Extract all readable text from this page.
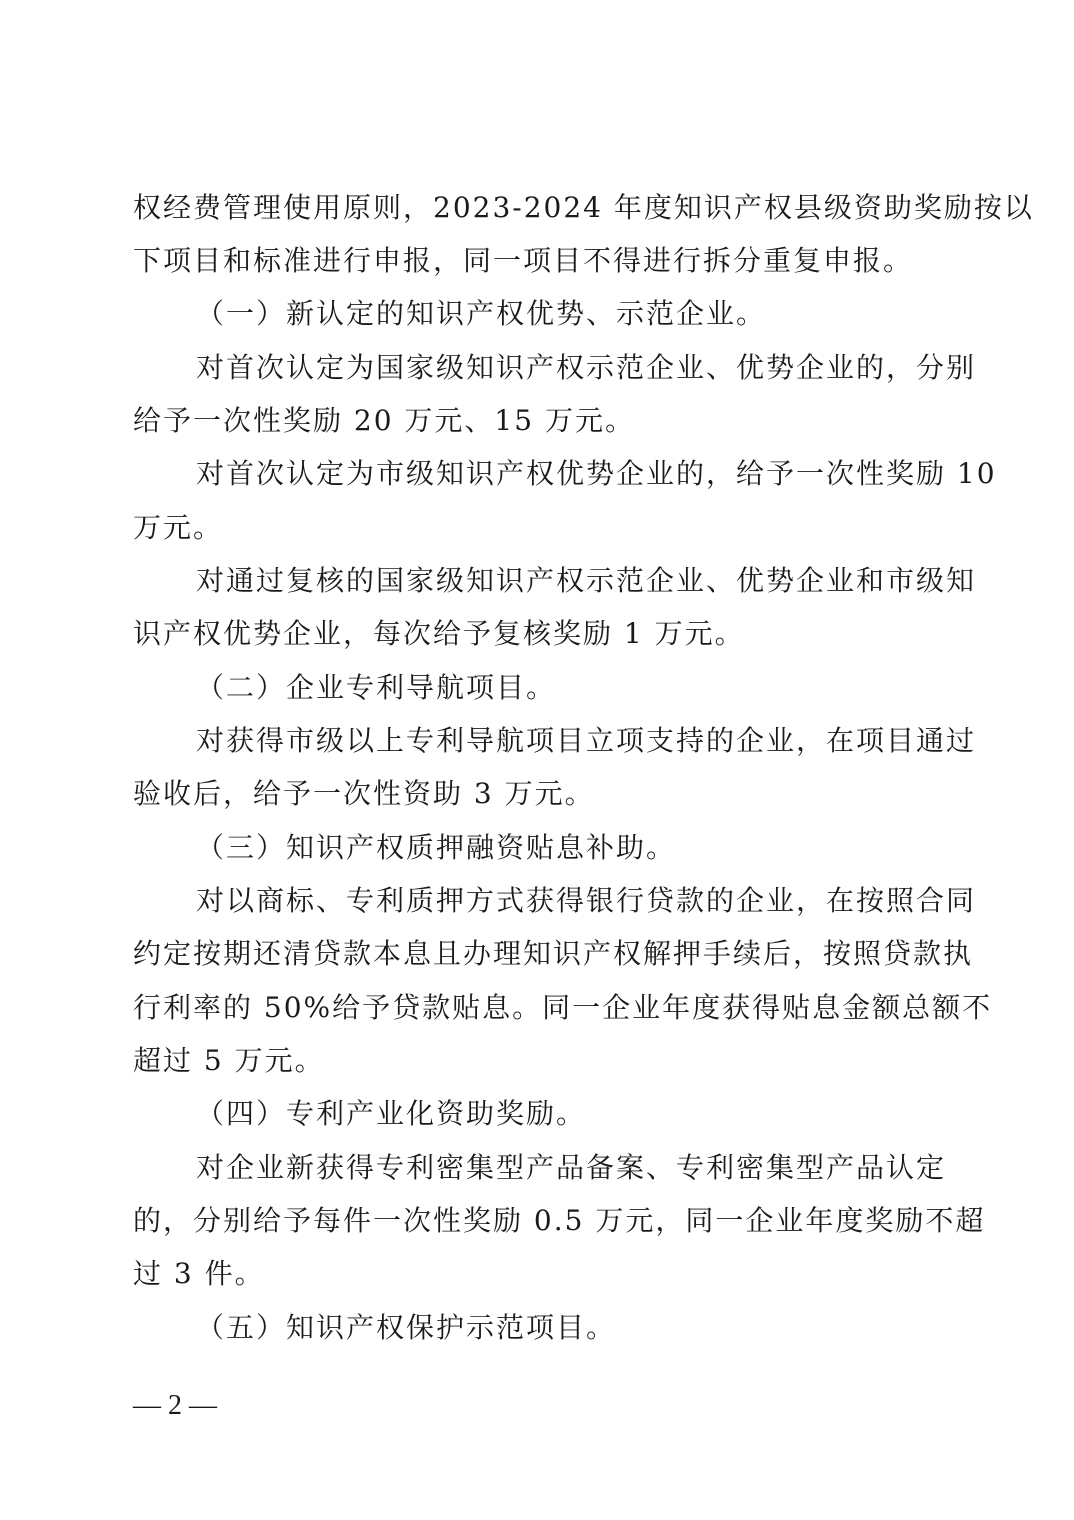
权经费管理使用原则，2023-2024 年度知识产权县级资助奖励按以
下项目和标准进行申报，同一项目不得进行拆分重复申报。
（一）新认定的知识产权优势、示范企业。
对首次认定为国家级知识产权示范企业、优势企业的，分别
给予一次性奖励 20 万元、15 万元。
对首次认定为市级知识产权优势企业的，给予一次性奖励 10
万元。
对通过复核的国家级知识产权示范企业、优势企业和市级知
识产权优势企业，每次给予复核奖励 1 万元。
（二）企业专利导航项目。
对获得市级以上专利导航项目立项支持的企业，在项目通过
验收后，给予一次性资助 3 万元。
（三）知识产权质押融资贴息补助。
对以商标、专利质押方式获得银行贷款的企业，在按照合同
约定按期还清贷款本息且办理知识产权解押手续后，按照贷款执
行利率的 50%给予贷款贴息。同一企业年度获得贴息金额总额不
超过 5 万元。
（四）专利产业化资助奖励。
对企业新获得专利密集型产品备案、专利密集型产品认定
的，分别给予每件一次性奖励 0.5 万元，同一企业年度奖励不超
过 3 件。
（五）知识产权保护示范项目。
— 2 —
